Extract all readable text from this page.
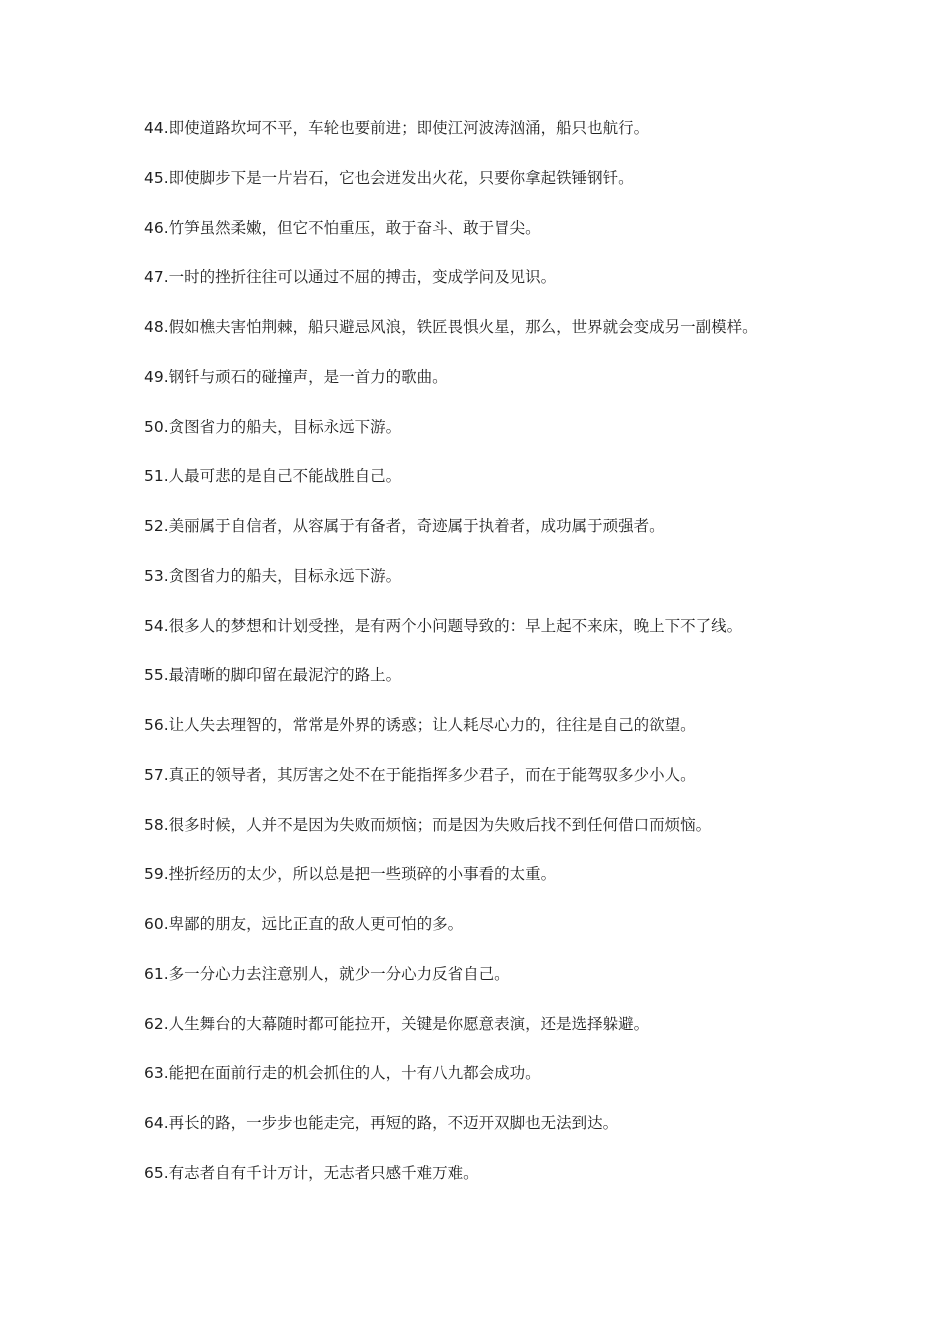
44.即使道路坎坷不平，车轮也要前进；即使江河波涛汹涌，船只也航行。
45.即使脚步下是一片岩石，它也会迸发出火花，只要你拿起铁锤钢钎。
46.竹笋虽然柔嫩，但它不怕重压，敢于奋斗、敢于冒尖。
47.一时的挫折往往可以通过不屈的搏击，变成学问及见识。
48.假如樵夫害怕荆棘，船只避忌风浪，铁匠畏惧火星，那么，世界就会变成另一副模样。
49.钢钎与顽石的碰撞声，是一首力的歌曲。
50.贪图省力的船夫，目标永远下游。
51.人最可悲的是自己不能战胜自己。
52.美丽属于自信者，从容属于有备者，奇迹属于执着者，成功属于顽强者。
53.贪图省力的船夫，目标永远下游。
54.很多人的梦想和计划受挫，是有两个小问题导致的：早上起不来床，晚上下不了线。
55.最清晰的脚印留在最泥泞的路上。
56.让人失去理智的，常常是外界的诱惑；让人耗尽心力的，往往是自己的欲望。
57.真正的领导者，其厉害之处不在于能指挥多少君子，而在于能驾驭多少小人。
58.很多时候，人并不是因为失败而烦恼；而是因为失败后找不到任何借口而烦恼。
59.挫折经历的太少，所以总是把一些琐碎的小事看的太重。
60.卑鄙的朋友，远比正直的敌人更可怕的多。
61.多一分心力去注意别人，就少一分心力反省自己。
62.人生舞台的大幕随时都可能拉开，关键是你愿意表演，还是选择躲避。
63.能把在面前行走的机会抓住的人，十有八九都会成功。
64.再长的路，一步步也能走完，再短的路，不迈开双脚也无法到达。
65.有志者自有千计万计，无志者只感千难万难。
